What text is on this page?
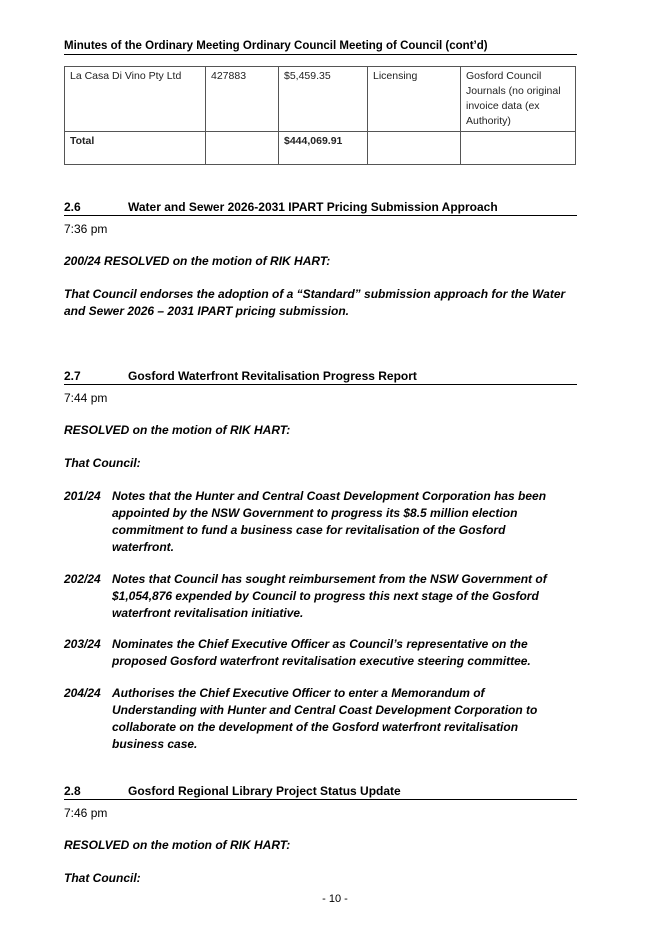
Minutes of the Ordinary Meeting Ordinary Council Meeting of Council (cont’d)
La Casa Di Vino Pty Ltd	427883	$5,459.35	Licensing	Gosford Council Journals (no original invoice data (ex Authority)
Total		$444,069.91		
2.6	Water and Sewer 2026-2031 IPART Pricing Submission Approach
7:36 pm
200/24 RESOLVED on the motion of RIK HART:
That Council endorses the adoption of a “Standard” submission approach for the Water and Sewer 2026 – 2031 IPART pricing submission.
2.7	Gosford Waterfront Revitalisation Progress Report
7:44 pm
RESOLVED on the motion of RIK HART:
That Council:
201/24 Notes that the Hunter and Central Coast Development Corporation has been appointed by the NSW Government to progress its $8.5 million election commitment to fund a business case for revitalisation of the Gosford waterfront.
202/24 Notes that Council has sought reimbursement from the NSW Government of $1,054,876 expended by Council to progress this next stage of the Gosford waterfront revitalisation initiative.
203/24 Nominates the Chief Executive Officer as Council’s representative on the proposed Gosford waterfront revitalisation executive steering committee.
204/24 Authorises the Chief Executive Officer to enter a Memorandum of Understanding with Hunter and Central Coast Development Corporation to collaborate on the development of the Gosford waterfront revitalisation business case.
2.8	Gosford Regional Library Project Status Update
7:46 pm
RESOLVED on the motion of RIK HART:
That Council:
- 10 -
